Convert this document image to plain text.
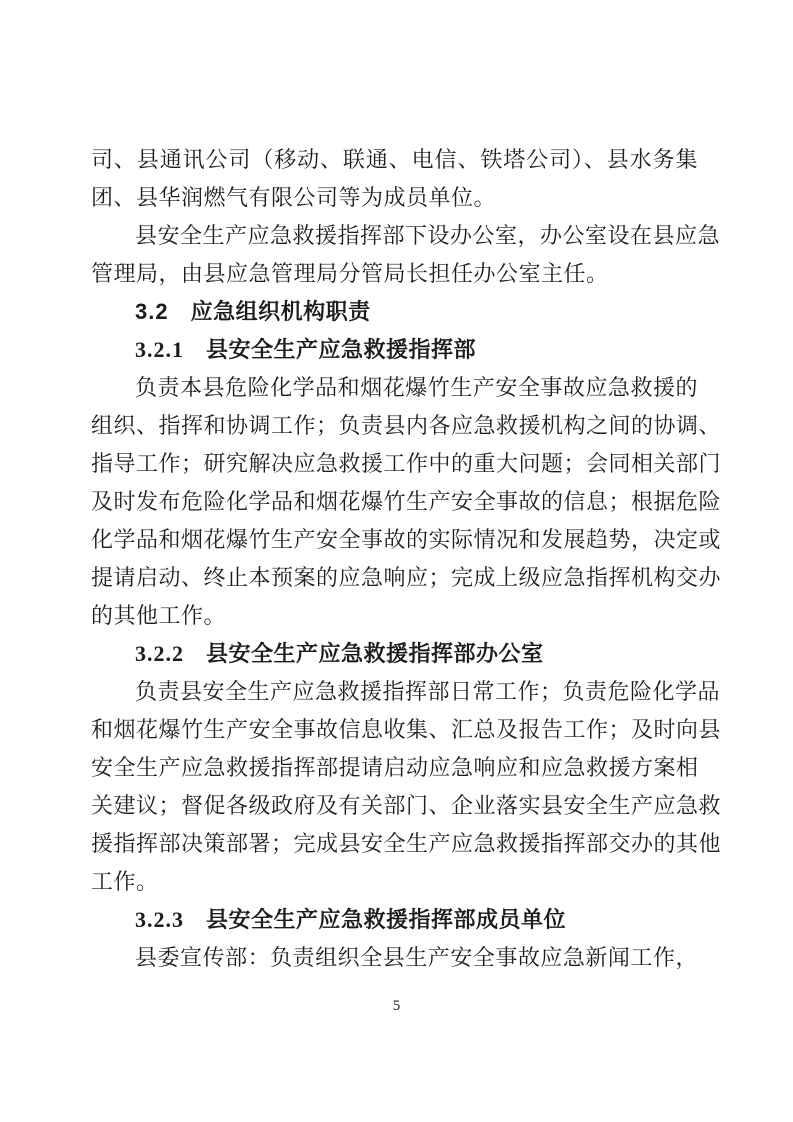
司、县通讯公司（移动、联通、电信、铁塔公司）、县水务集
团、县华润燃气有限公司等为成员单位。
县安全生产应急救援指挥部下设办公室，办公室设在县应急
管理局，由县应急管理局分管局长担任办公室主任。
3.2 应急组织机构职责
3.2.1 县安全生产应急救援指挥部
负责本县危险化学品和烟花爆竹生产安全事故应急救援的
组织、指挥和协调工作；负责县内各应急救援机构之间的协调、
指导工作；研究解决应急救援工作中的重大问题；会同相关部门
及时发布危险化学品和烟花爆竹生产安全事故的信息；根据危险
化学品和烟花爆竹生产安全事故的实际情况和发展趋势，决定或
提请启动、终止本预案的应急响应；完成上级应急指挥机构交办
的其他工作。
3.2.2 县安全生产应急救援指挥部办公室
负责县安全生产应急救援指挥部日常工作；负责危险化学品
和烟花爆竹生产安全事故信息收集、汇总及报告工作；及时向县
安全生产应急救援指挥部提请启动应急响应和应急救援方案相
关建议；督促各级政府及有关部门、企业落实县安全生产应急救
援指挥部决策部署；完成县安全生产应急救援指挥部交办的其他
工作。
3.2.3 县安全生产应急救援指挥部成员单位
县委宣传部：负责组织全县生产安全事故应急新闻工作，
5
